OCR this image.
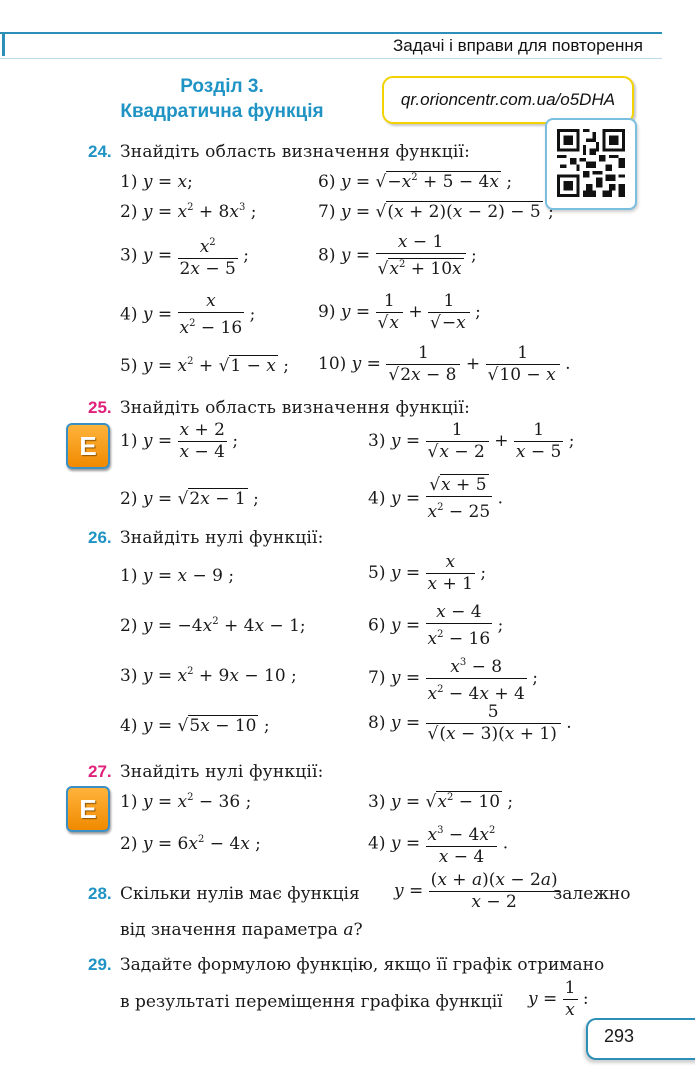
Задачі і вправи для повторення
Розділ 3.
Квадратична функція
qr.orioncentr.com.ua/o5DHA
24. Знайдіть область визначення функції:
1) y = x;	6) $y = √-x^2 + 5 - 4x$ ;
2) $y = x^2 + 8x^3$ ;	7) y = √(x + 2)(x − 2) − 5 ;
3) $y = \frac{x^2}{2x - 5}$ ;	8) $y = \frac{x - 1}{√x^2 + 10x}$ ;
4) $y = \frac{x}{x^2 - 16}$ ;	9) $y = \frac{1}{√x} + \frac{1}{√-x}$ ;
5) $y = x^2 + √1 - x$ ; 10) $y = \frac{1}{√2x - 8} + \frac{1}{√10 - x}$ .
25. Знайдіть область визначення функції:
E	1) $y = \frac{x + 2}{x - 4}$ ;	3) $y = \frac{1}{√x - 2} + \frac{1}{x - 5}$ ;
2) y = √2x − 1 ;	4) $y = \frac{√x + 5}{x^2 - 25}$ .
26. Знайдіть нулі функції:
1) y = x − 9 ;	5) $y = \frac{x}{x + 1}$ ;
2) $y = -4x^2 + 4x - 1$;	6) $y = \frac{x - 4}{x^2 - 16}$ ;
3) $y = x^2 + 9x - 10$ ;	7) $y = \frac{x^3 - 8}{x^2 - 4x + 4}$ ;
4) y = √5x − 10 ;	8) $y = \frac{5}{√(x - 3)(x + 1)}$ .
27. Знайдіть нулі функції:
E	1) $y = x^2 - 36$ ;	3) $y = √x^2 - 10$ ;
2) $y = 6x^2 - 4x$ ;	4) $y = \frac{x^3 - 4x^2}{x - 4}$ .
28. Скільки нулів має функція $y = \frac{(x + a)(x - 2a)}{x - 2}$
залежно
від значення параметра a?
29. Задайте формулою функцію, якщо її графік отримано
в результаті переміщення графіка функції $y = \frac{1}{x}$ :
293
